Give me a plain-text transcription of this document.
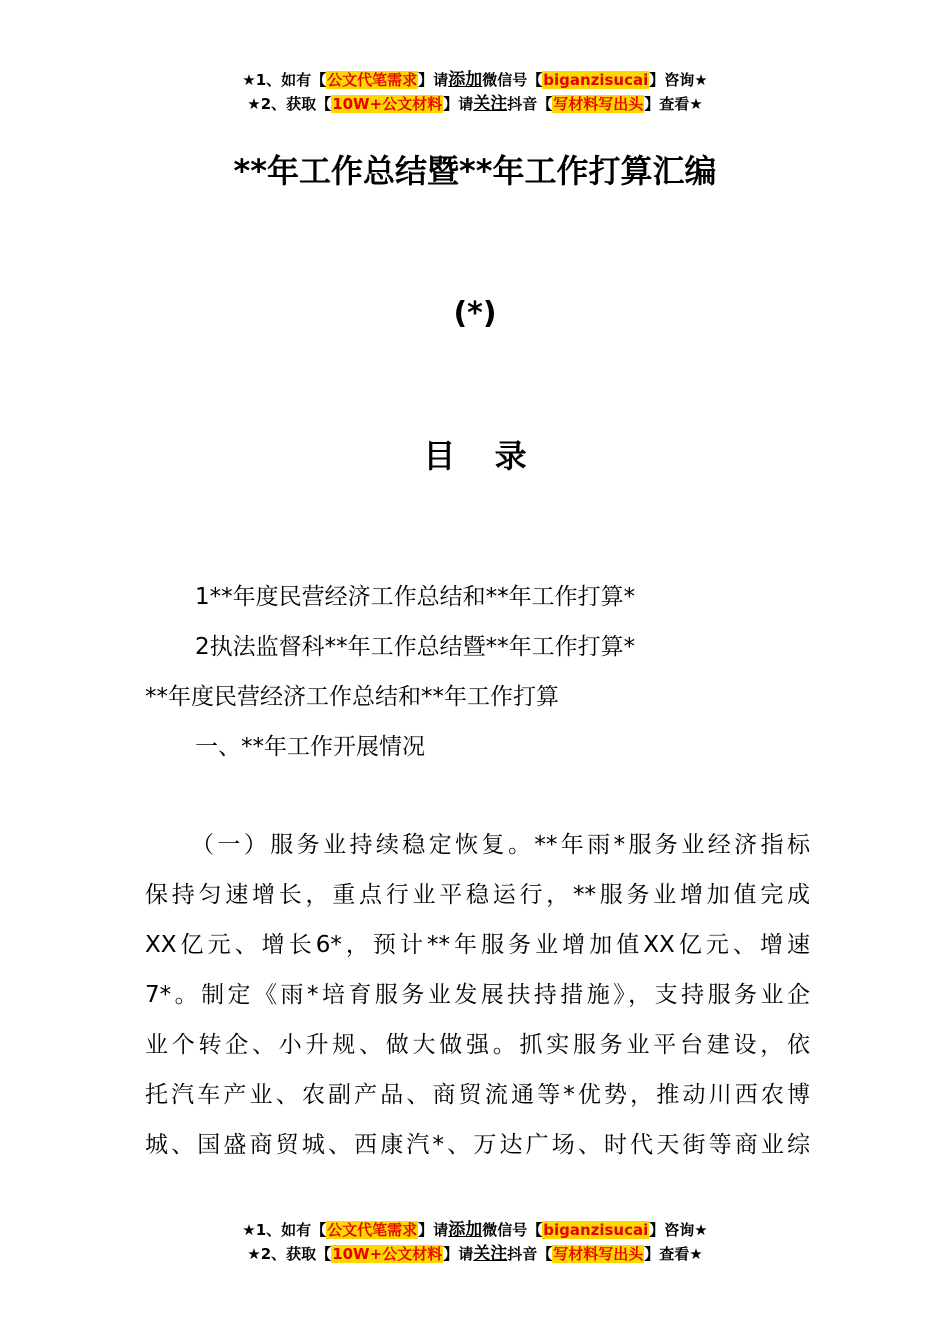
★1、如有【公文代笔需求】请添加微信号【biganzisucai】咨询★
★2、获取【10W+公文材料】请关注抖音【写材料写出头】查看★
**年工作总结暨**年工作打算汇编
(*)
目 录
1**年度民营经济工作总结和**年工作打算*
2执法监督科**年工作总结暨**年工作打算*
**年度民营经济工作总结和**年工作打算
一、**年工作开展情况
（一）服务业持续稳定恢复。**年雨*服务业经济指标
保持匀速增长，重点行业平稳运行，**服务业增加值完成
XX亿元、增长6*，预计**年服务业增加值XX亿元、增速
7*。制定《雨*培育服务业发展扶持措施》，支持服务业企
业个转企、小升规、做大做强。抓实服务业平台建设，依
托汽车产业、农副产品、商贸流通等*优势，推动川西农博
城、国盛商贸城、西康汽*、万达广场、时代天街等商业综
★1、如有【公文代笔需求】请添加微信号【biganzisucai】咨询★
★2、获取【10W+公文材料】请关注抖音【写材料写出头】查看★
